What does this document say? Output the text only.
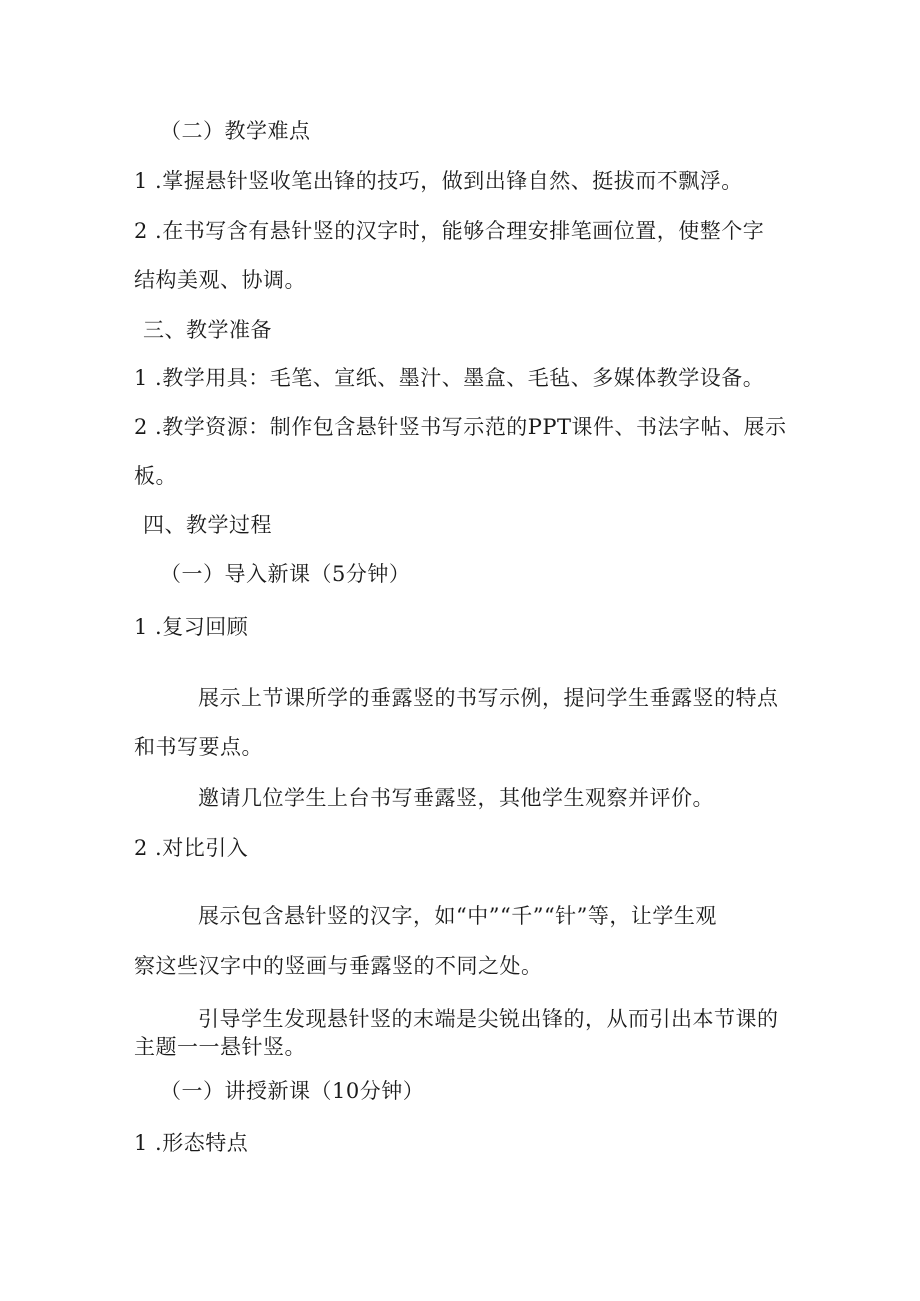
（二）教学难点
1 .掌握悬针竖收笔出锋的技巧，做到出锋自然、挺拔而不飘浮。
2 .在书写含有悬针竖的汉字时，能够合理安排笔画位置，使整个字
结构美观、协调。
三、教学准备
1 .教学用具：毛笔、宣纸、墨汁、墨盒、毛毡、多媒体教学设备。
2 .教学资源：制作包含悬针竖书写示范的PPT课件、书法字帖、展示
板。
四、教学过程
（一）导入新课（5分钟）
1 .复习回顾
展示上节课所学的垂露竖的书写示例，提问学生垂露竖的特点
和书写要点。
邀请几位学生上台书写垂露竖，其他学生观察并评价。
2 .对比引入
展示包含悬针竖的汉字，如“中”“千”“针”等，让学生观
察这些汉字中的竖画与垂露竖的不同之处。
引导学生发现悬针竖的末端是尖锐出锋的，从而引出本节课的
主题一一悬针竖。
（一）讲授新课（10分钟）
1 .形态特点
